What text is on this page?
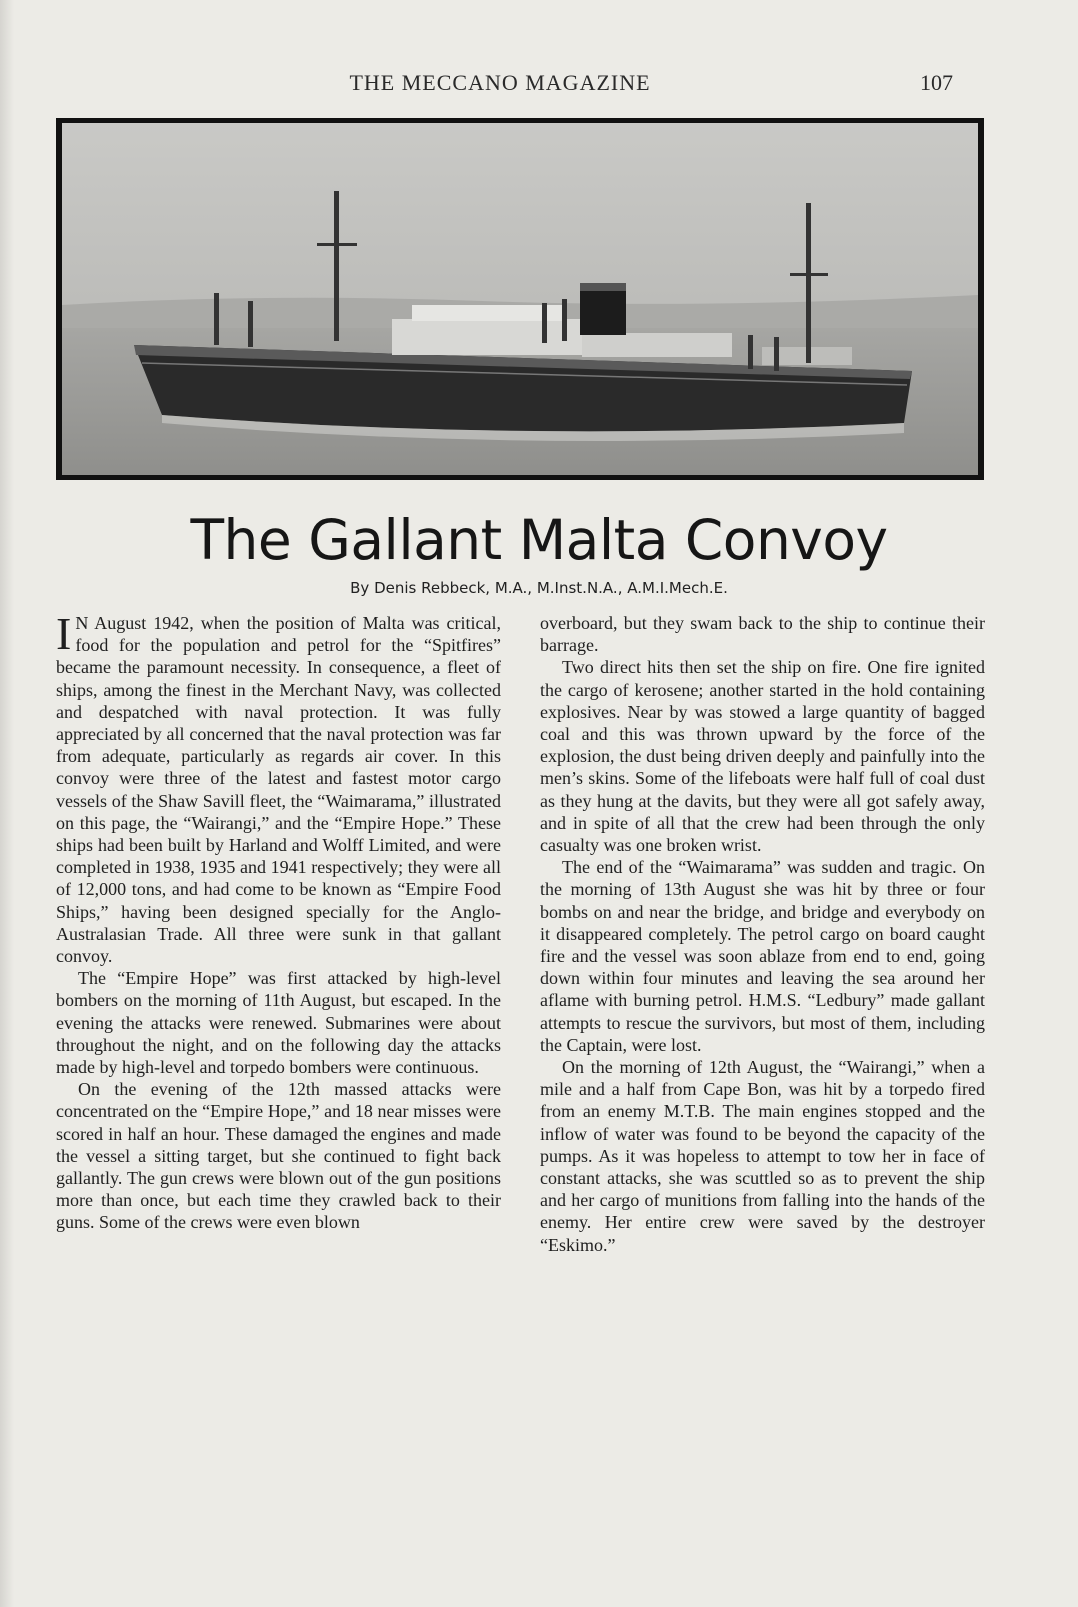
THE MECCANO MAGAZINE	107
The Gallant Malta Convoy
By Denis Rebbeck, M.A., M.Inst.N.A., A.M.I.Mech.E.

I N August 1942, when the position of Malta was critical, food for the population and petrol for the “Spitfires” became the paramount necessity. In consequence, a fleet of ships, among the finest in the Merchant Navy, was collected and despatched with naval protection. It was fully appreciated by all concerned that the naval protection was far from adequate, particularly as regards air cover. In this convoy were three of the latest and fastest motor cargo vessels of the Shaw Savill fleet, the “Waimarama,” illustrated on this page, the “Wairangi,” and the “Empire Hope.” These ships had been built by Harland and Wolff Limited, and were completed in 1938, 1935 and 1941 respectively; they were all of 12,000 tons, and had come to be known as “Empire Food Ships,” having been designed specially for the Anglo-Australasian Trade. All three were sunk in that gallant convoy.

The “Empire Hope” was first attacked by high-level bombers on the morning of 11th August, but escaped. In the evening the attacks were renewed. Submarines were about throughout the night, and on the following day the attacks made by high-level and torpedo bombers were continuous.

On the evening of the 12th massed attacks were concentrated on the “Empire Hope,” and 18 near misses were scored in half an hour. These damaged the engines and made the vessel a sitting target, but she continued to fight back gallantly. The gun crews were blown out of the gun positions more than once, but each time they crawled back to their guns. Some of the crews were even blown

overboard, but they swam back to the ship to continue their barrage.

Two direct hits then set the ship on fire. One fire ignited the cargo of kerosene; another started in the hold containing explosives. Near by was stowed a large quantity of bagged coal and this was thrown upward by the force of the explosion, the dust being driven deeply and painfully into the men’s skins. Some of the lifeboats were half full of coal dust as they hung at the davits, but they were all got safely away, and in spite of all that the crew had been through the only casualty was one broken wrist.

The end of the “Waimarama” was sudden and tragic. On the morning of 13th August she was hit by three or four bombs on and near the bridge, and bridge and everybody on it disappeared completely. The petrol cargo on board caught fire and the vessel was soon ablaze from end to end, going down within four minutes and leaving the sea around her aflame with burning petrol. H.M.S. “Ledbury” made gallant attempts to rescue the survivors, but most of them, including the Captain, were lost.

On the morning of 12th August, the “Wairangi,” when a mile and a half from Cape Bon, was hit by a torpedo fired from an enemy M.T.B. The main engines stopped and the inflow of water was found to be beyond the capacity of the pumps. As it was hopeless to attempt to tow her in face of constant attacks, she was scuttled so as to prevent the ship and her cargo of munitions from falling into the hands of the enemy. Her entire crew were saved by the destroyer “Eskimo.”
